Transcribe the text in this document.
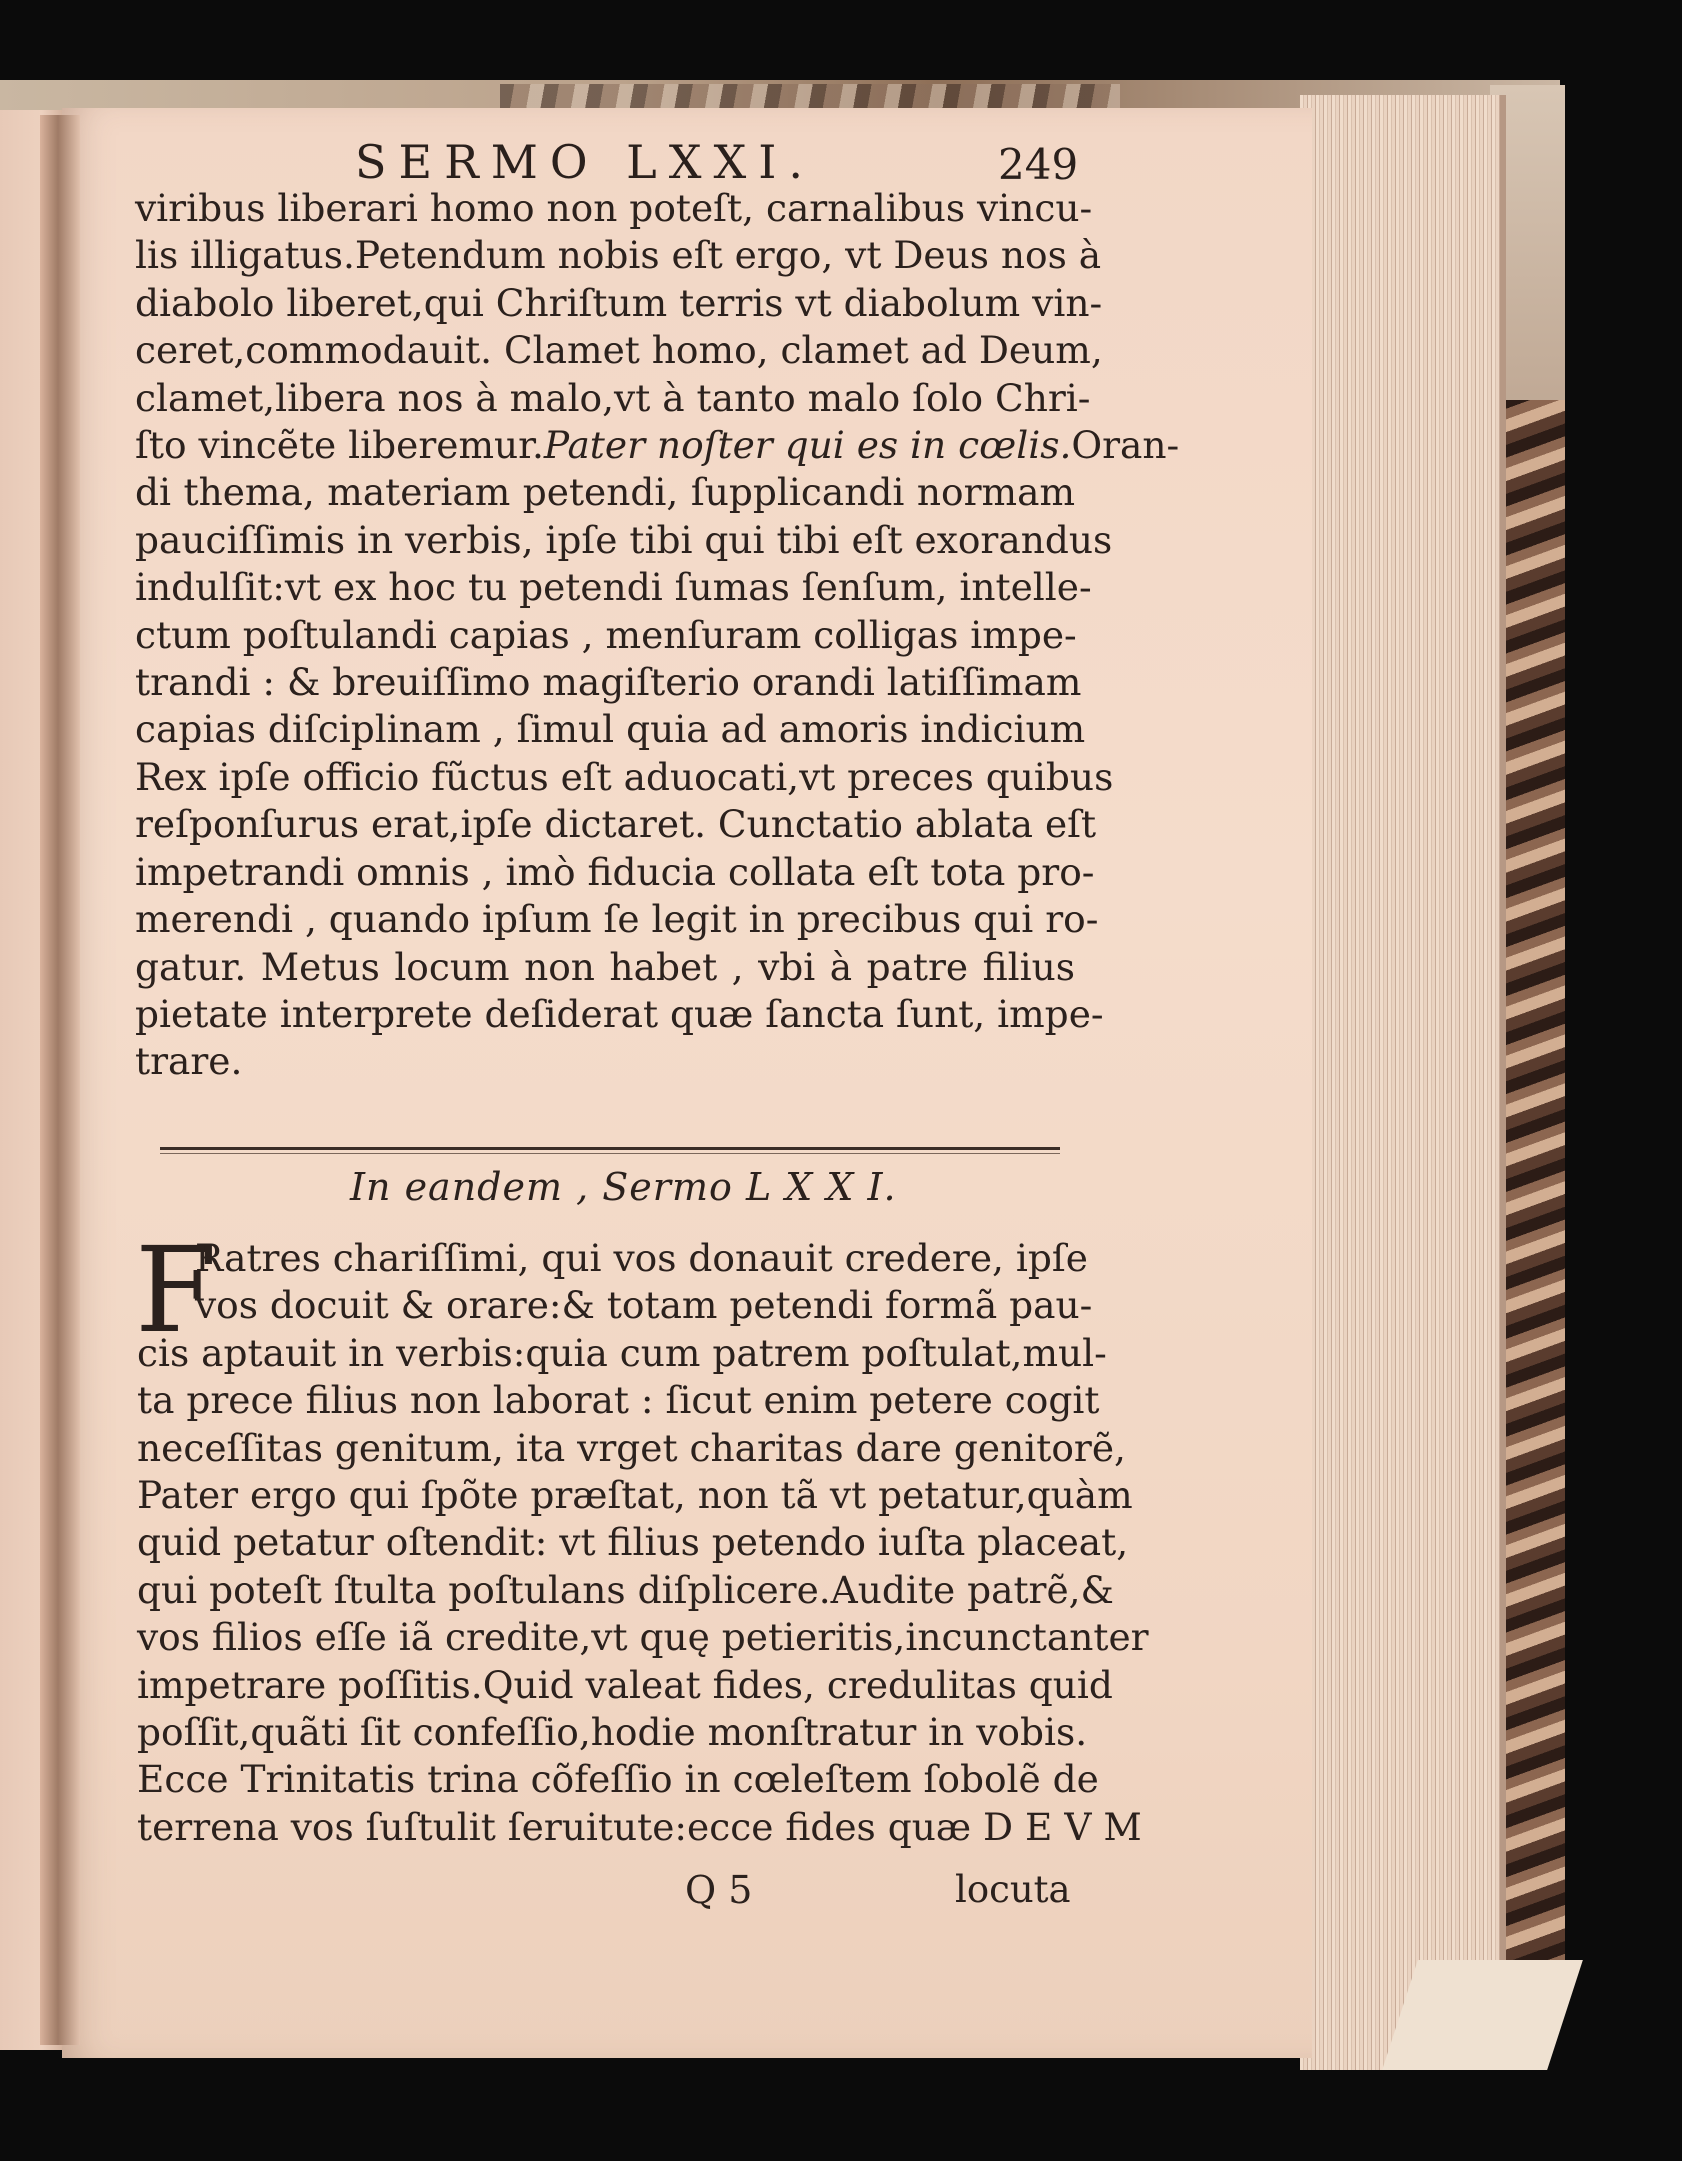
SERMO LXXI.	249
viribus liberari homo non poteſt, carnalibus vincu-
lis illigatus.Petendum nobis eſt ergo, vt Deus nos à
diabolo liberet,qui Chriſtum terris vt diabolum vin-
ceret,commodauit. Clamet homo, clamet ad Deum,
clamet,libera nos à malo,vt à tanto malo ſolo Chri-
ſto vincẽte liberemur.Pater noſter qui es in cœlis.Oran-
di thema, materiam petendi, ſupplicandi normam
pauciſſimis in verbis, ipſe tibi qui tibi eſt exorandus
indulſit:vt ex hoc tu petendi ſumas ſenſum, intelle-
ctum poſtulandi capias , menſuram colligas impe-
trandi : & breuiſſimo magiſterio orandi latiſſimam
capias diſciplinam , ſimul quia ad amoris indicium
Rex ipſe officio fũctus eſt aduocati,vt preces quibus
reſponſurus erat,ipſe dictaret. Cunctatio ablata eſt
impetrandi omnis , imò fiducia collata eſt tota pro-
merendi , quando ipſum ſe legit in precibus qui ro-
gatur. Metus locum non habet , vbi à patre filius
pietate interprete deſiderat quæ ſancta ſunt, impe-
trare.
In eandem , Sermo L X X I.
F
Ratres chariſſimi, qui vos donauit credere, ipſe
vos docuit & orare:& totam petendi formã pau-
cis aptauit in verbis:quia cum patrem poſtulat,mul-
ta prece filius non laborat : ſicut enim petere cogit
neceſſitas genitum, ita vrget charitas dare genitorẽ,
Pater ergo qui ſpõte præſtat, non tã vt petatur,quàm
quid petatur oſtendit: vt filius petendo iuſta placeat,
qui poteſt ſtulta poſtulans diſplicere.Audite patrẽ,&
vos filios eſſe iã credite,vt quę petieritis,incunctanter
impetrare poſſitis.Quid valeat fides, credulitas quid
poſſit,quãti ſit confeſſio,hodie monſtratur in vobis.
Ecce Trinitatis trina cõfeſſio in cœleſtem ſobolẽ de
terrena vos ſuſtulit ſeruitute:ecce fides quæ D E V M
Q 5	locuta
